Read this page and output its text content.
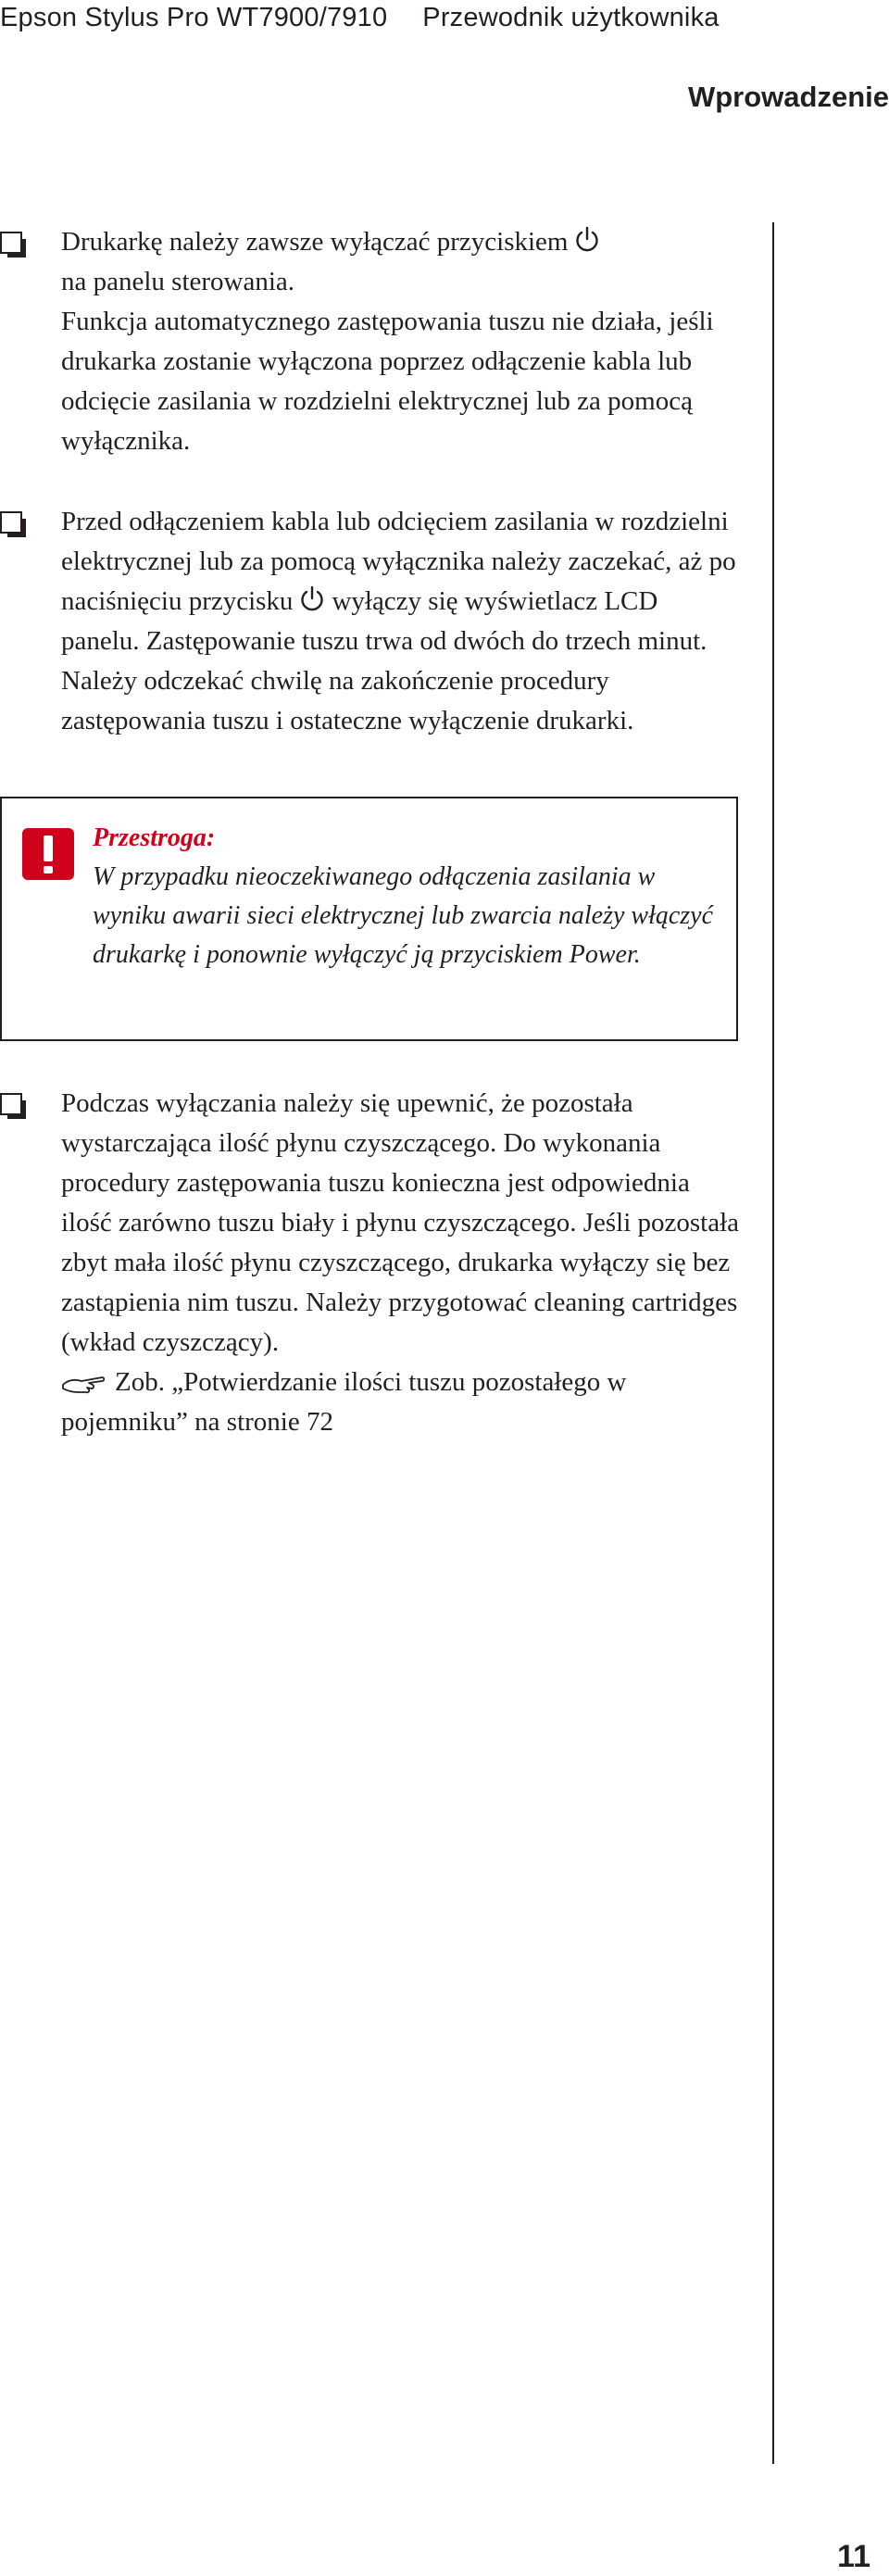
Epson Stylus Pro WT7900/7910 Przewodnik użytkownika
Wprowadzenie

Drukarkę należy zawsze wyłączać przyciskiem
na panelu sterowania.
Funkcja automatycznego zastępowania tuszu nie działa, jeśli drukarka zostanie wyłączona poprzez odłączenie kabla lub odcięcie zasilania w rozdzielni elektrycznej lub za pomocą wyłącznika.

Przed odłączeniem kabla lub odcięciem zasilania w rozdzielni elektrycznej lub za pomocą wyłącznika należy zaczekać, aż po naciśnięciu przycisku wyłączy się wyświetlacz LCD panelu. Zastępowanie tuszu trwa od dwóch do trzech minut. Należy odczekać chwilę na zakończenie procedury zastępowania tuszu i ostateczne wyłączenie drukarki.

Przestroga:

W przypadku nieoczekiwanego odłączenia zasilania w wyniku awarii sieci elektrycznej lub zwarcia należy włączyć drukarkę i ponownie wyłączyć ją przyciskiem Power.

Podczas wyłączania należy się upewnić, że pozostała wystarczająca ilość płynu czyszczącego. Do wykonania procedury zastępowania tuszu konieczna jest odpowiednia ilość zarówno tuszu biały i płynu czyszczącego. Jeśli pozostała zbyt mała ilość płynu czyszczącego, drukarka wyłączy się bez zastąpienia nim tuszu. Należy przygotować cleaning cartridges (wkład czyszczący).
Zob. „Potwierdzanie ilości tuszu pozostałego w pojemniku” na stronie 72

11
